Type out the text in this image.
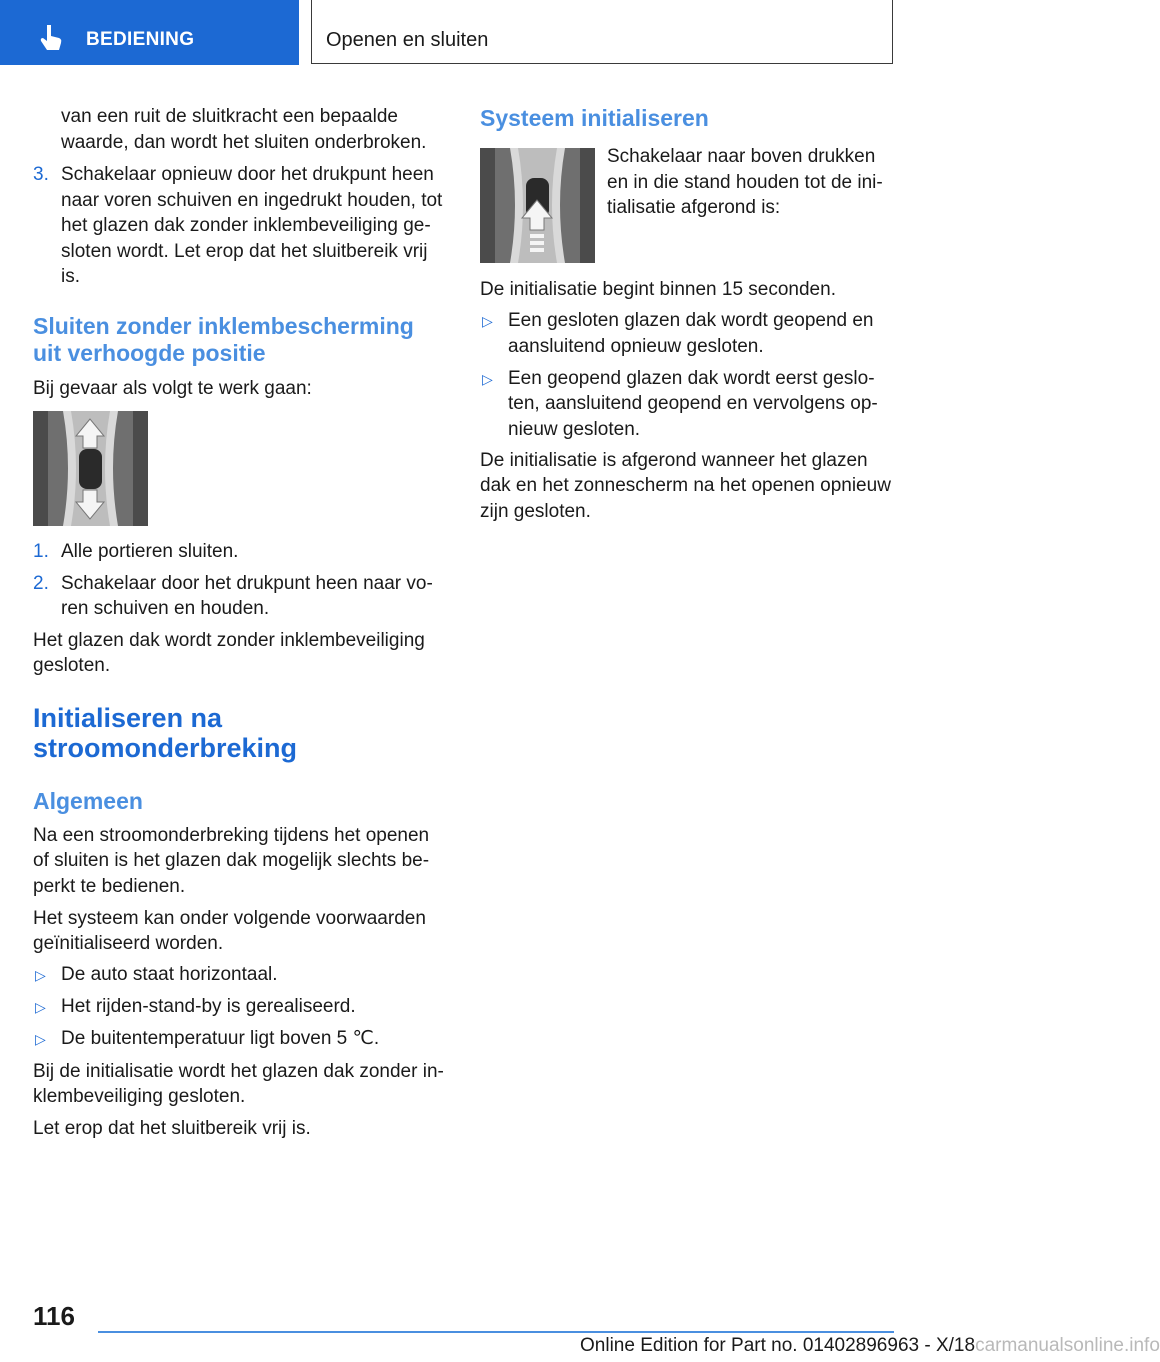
BEDIENING	Openen en sluiten
van een ruit de sluitkracht een bepaalde
waarde, dan wordt het sluiten onderbroken.
3. Schakelaar opnieuw door het drukpunt heen
naar voren schuiven en ingedrukt houden, tot
het glazen dak zonder inklembeveiliging ge-
sloten wordt. Let erop dat het sluitbereik vrij
is.
Sluiten zonder inklembescherming
uit verhoogde positie
Bij gevaar als volgt te werk gaan:
1. Alle portieren sluiten.
2. Schakelaar door het drukpunt heen naar vo-
ren schuiven en houden.
Het glazen dak wordt zonder inklembeveiliging
gesloten.
Initialiseren na
stroomonderbreking
Algemeen
Na een stroomonderbreking tijdens het openen
of sluiten is het glazen dak mogelijk slechts be-
perkt te bedienen.
Het systeem kan onder volgende voorwaarden
geïnitialiseerd worden.
▷ De auto staat horizontaal.
▷ Het rijden-stand-by is gerealiseerd.
▷ De buitentemperatuur ligt boven 5 ℃.
Bij de initialisatie wordt het glazen dak zonder in-
klembeveiliging gesloten.
Let erop dat het sluitbereik vrij is.
Systeem initialiseren
Schakelaar naar boven drukken
en in die stand houden tot de ini-
tialisatie afgerond is:
De initialisatie begint binnen 15 seconden.
▷ Een gesloten glazen dak wordt geopend en
aansluitend opnieuw gesloten.
▷ Een geopend glazen dak wordt eerst geslo-
ten, aansluitend geopend en vervolgens op-
nieuw gesloten.
De initialisatie is afgerond wanneer het glazen
dak en het zonnescherm na het openen opnieuw
zijn gesloten.
116
Online Edition for Part no. 01402896963 - X/18carmanualsonline.info
